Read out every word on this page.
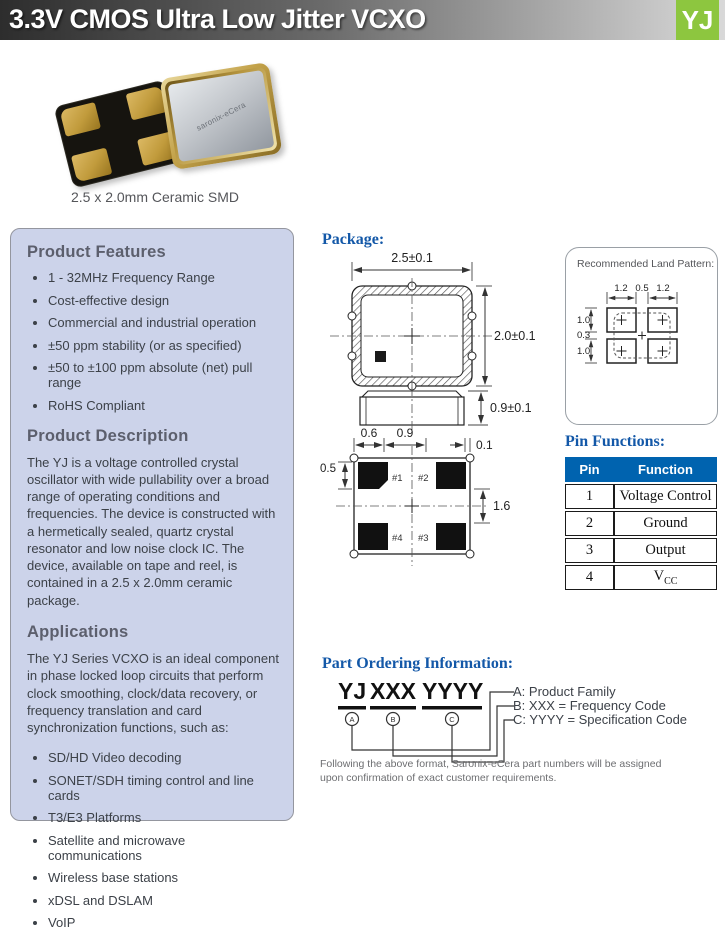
3.3V CMOS Ultra Low Jitter VCXO	YJ
saronix-eCera
2.5 x 2.0mm Ceramic SMD
Product Features
• 1 - 32MHz Frequency Range
• Cost-effective design
• Commercial and industrial operation
• ±50 ppm stability (or as specified)
• ±50 to ±100 ppm absolute (net) pull range
• RoHS Compliant
Product Description

The YJ is a voltage controlled crystal oscillator with wide pullability over a broad range of operating conditions and frequencies. The device is constructed with a hermetically sealed, quartz crystal resonator and low noise clock IC. The device, available on tape and reel, is contained in a 2.5 x 2.0mm ceramic package.

Applications

The YJ Series VCXO is an ideal component in phase locked loop circuits that perform clock smoothing, clock/data recovery, or frequency translation and card synchronization functions, such as:

• SD/HD Video decoding
• SONET/SDH timing control and line cards
• T3/E3 Platforms
• Satellite and microwave communications
• Wireless base stations
• xDSL and DSLAM
• VoIP
Package:
2.5±0.1
2.0±0.1
0.9±0.1
0.6 0.9
0.1
#1 #2
#3
#4
0.5
1.6
Recommended Land Pattern:
1.2 0.5 1.2
1.0
0.3
1.0
Pin Functions:
Pin	Function
1	Voltage Control
2	Ground
3	Output
4	$V_{CC}$
Part Ordering Information:
YJ XXX YYYY
A	B	C
A: Product Family
B: XXX = Frequency Code
C: YYYY = Specification Code
Following the above format, Saronix-eCera part numbers will be assigned upon confirmation of exact customer requirements.
